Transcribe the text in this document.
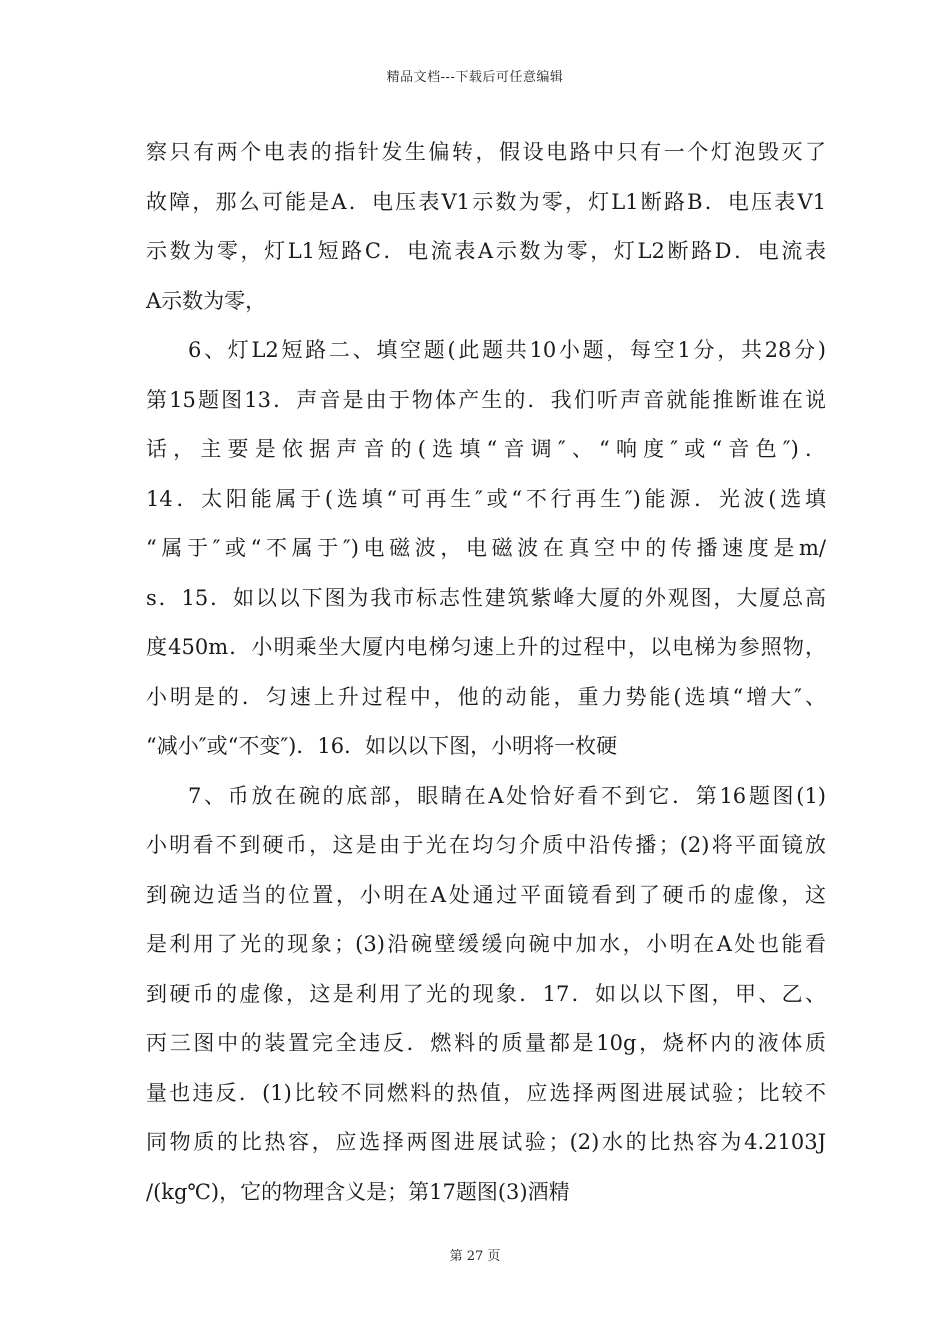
精品文档---下载后可任意编辑
察只有两个电表的指针发生偏转，假设电路中只有一个灯泡毁灭了
故障，那么可能是A．电压表V1示数为零，灯L1断路B．电压表V1
示数为零，灯L1短路C．电流表A示数为零，灯L2断路D．电流表
A示数为零，
6、灯L2短路二、填空题(此题共10小题，每空1分，共28分)
第15题图13．声音是由于物体产生的．我们听声音就能推断谁在说
话，主要是依据声音的(选填“音调″、“响度″或“音色″)．
14．太阳能属于(选填“可再生″或“不行再生″)能源．光波(选填
“属于″或“不属于″)电磁波，电磁波在真空中的传播速度是m/
s．15．如以以下图为我市标志性建筑紫峰大厦的外观图，大厦总高
度450m．小明乘坐大厦内电梯匀速上升的过程中，以电梯为参照物，
小明是的．匀速上升过程中，他的动能，重力势能(选填“增大″、
“减小″或“不变″)．16．如以以下图，小明将一枚硬
7、币放在碗的底部，眼睛在A处恰好看不到它．第16题图(1)
小明看不到硬币，这是由于光在均匀介质中沿传播；(2)将平面镜放
到碗边适当的位置，小明在A处通过平面镜看到了硬币的虚像，这
是利用了光的现象；(3)沿碗壁缓缓向碗中加水，小明在A处也能看
到硬币的虚像，这是利用了光的现象．17．如以以下图，甲、乙、
丙三图中的装置完全违反．燃料的质量都是10g，烧杯内的液体质
量也违反．(1)比较不同燃料的热值，应选择两图进展试验；比较不
同物质的比热容，应选择两图进展试验；(2)水的比热容为4.2103J
/(kg℃)，它的物理含义是；第17题图(3)酒精
第 27 页
